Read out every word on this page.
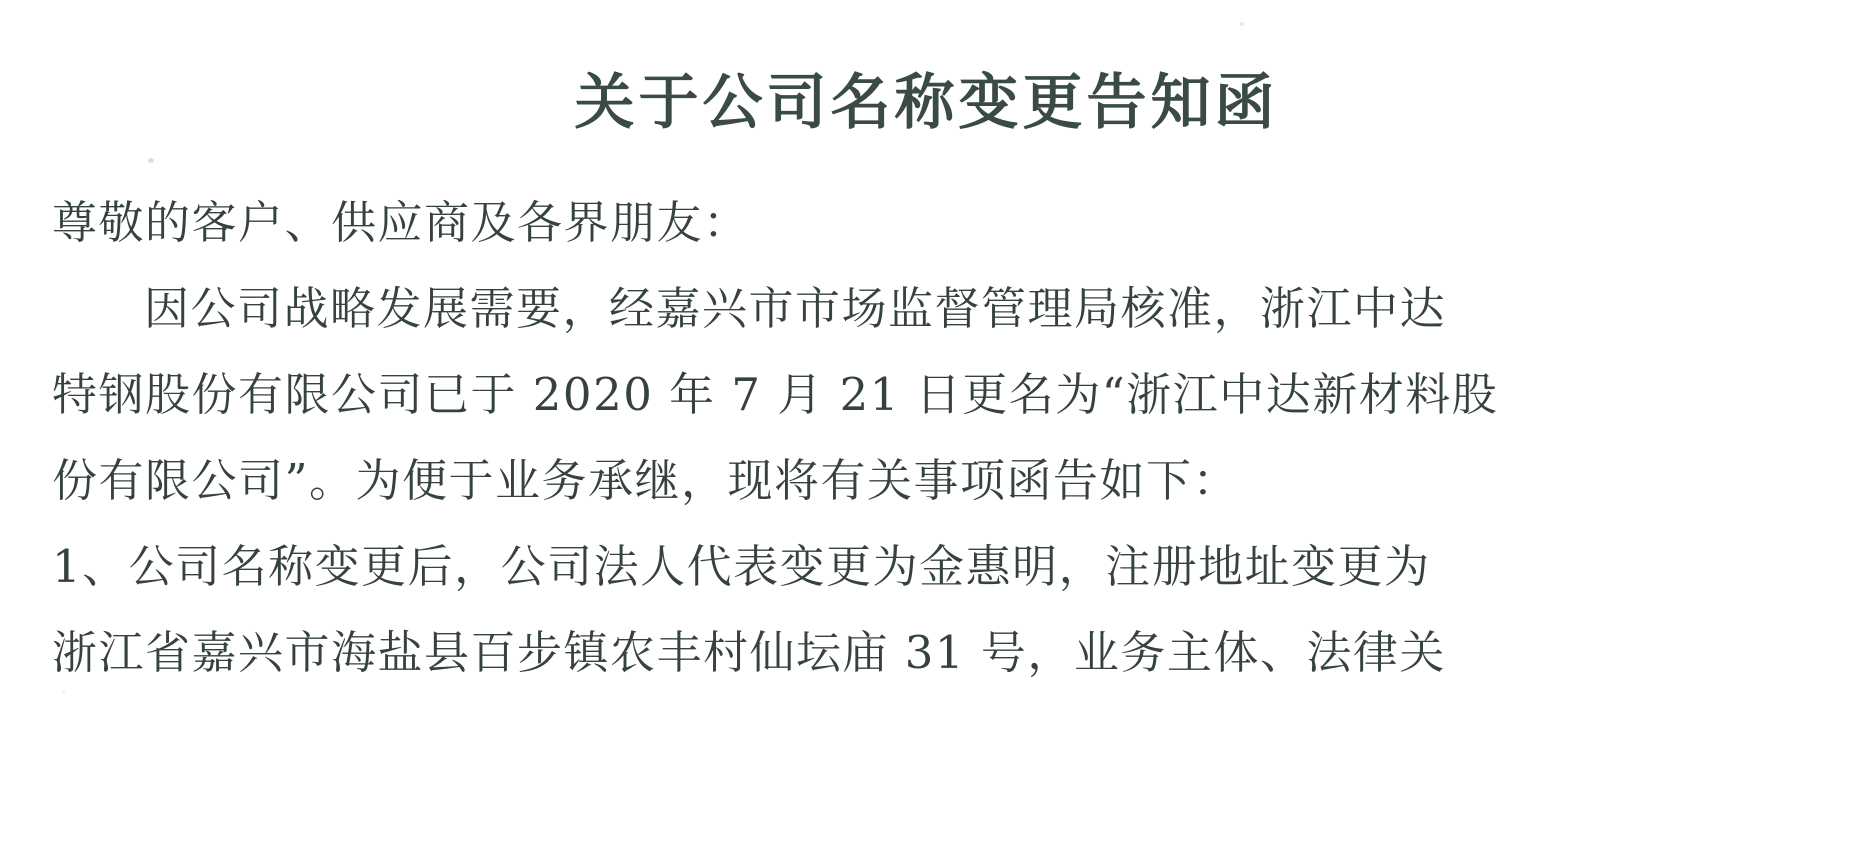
关于公司名称变更告知函
尊敬的客户、供应商及各界朋友：
因公司战略发展需要，经嘉兴市市场监督管理局核准，浙江中达
特钢股份有限公司已于 2020 年 7 月 21 日更名为“浙江中达新材料股
份有限公司”。为便于业务承继，现将有关事项函告如下：
1、公司名称变更后，公司法人代表变更为金惠明，注册地址变更为
浙江省嘉兴市海盐县百步镇农丰村仙坛庙 31 号，业务主体、法律关
